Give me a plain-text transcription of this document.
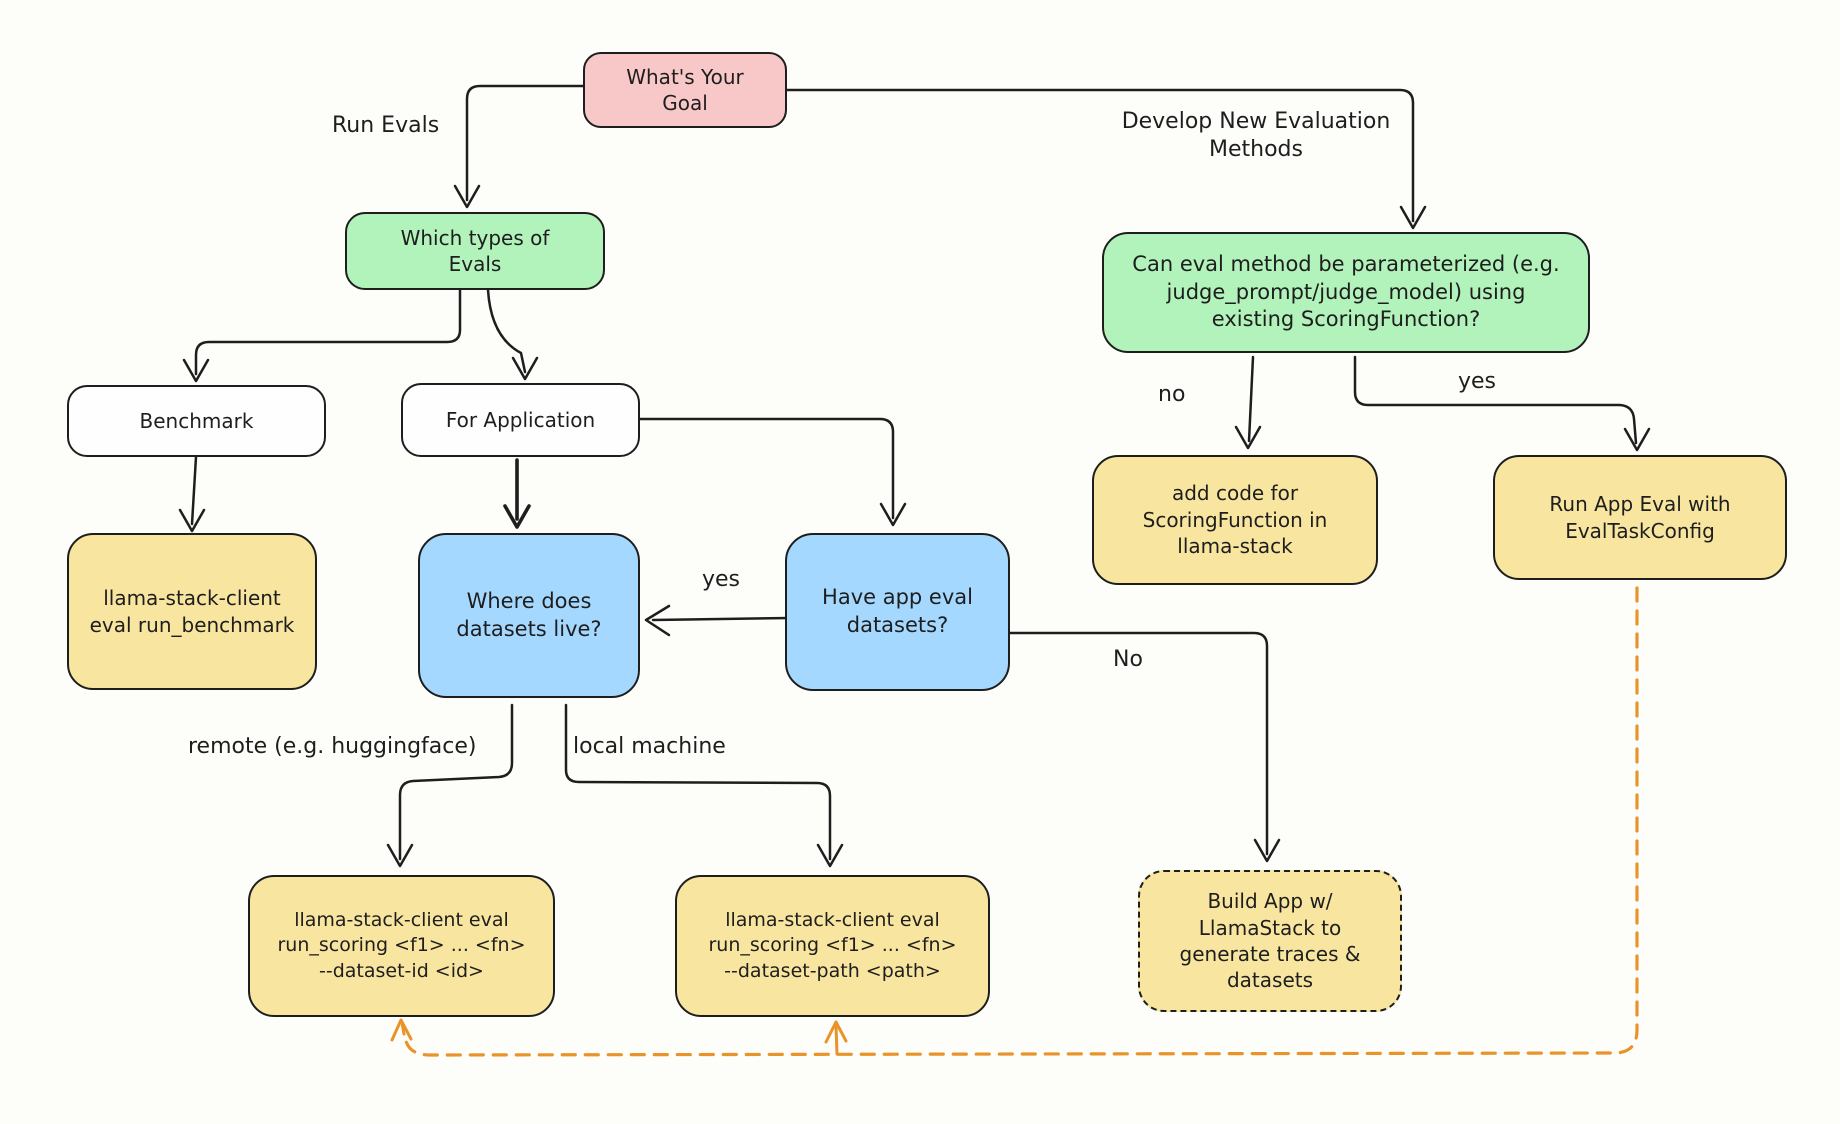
What's Your
Goal
Which types of
Evals	Can eval method be parameterized (e.g.
judge_prompt/judge_model) using
existing ScoringFunction?
Benchmark	For Application
llama-stack-client
eval run_benchmark
Where does
datasets live?
Have app eval
datasets?
add code for
ScoringFunction in
llama-stack
Run App Eval with
EvalTaskConfig
llama-stack-client eval
run_scoring <f1> ... <fn>
--dataset-id <id>
llama-stack-client eval
run_scoring <f1> ... <fn>
--dataset-path <path>
Build App w/
LlamaStack to
generate traces &
datasets
Run Evals	Develop New Evaluation Methods
no
yes
yes
No
remote (e.g. huggingface)	local machine
